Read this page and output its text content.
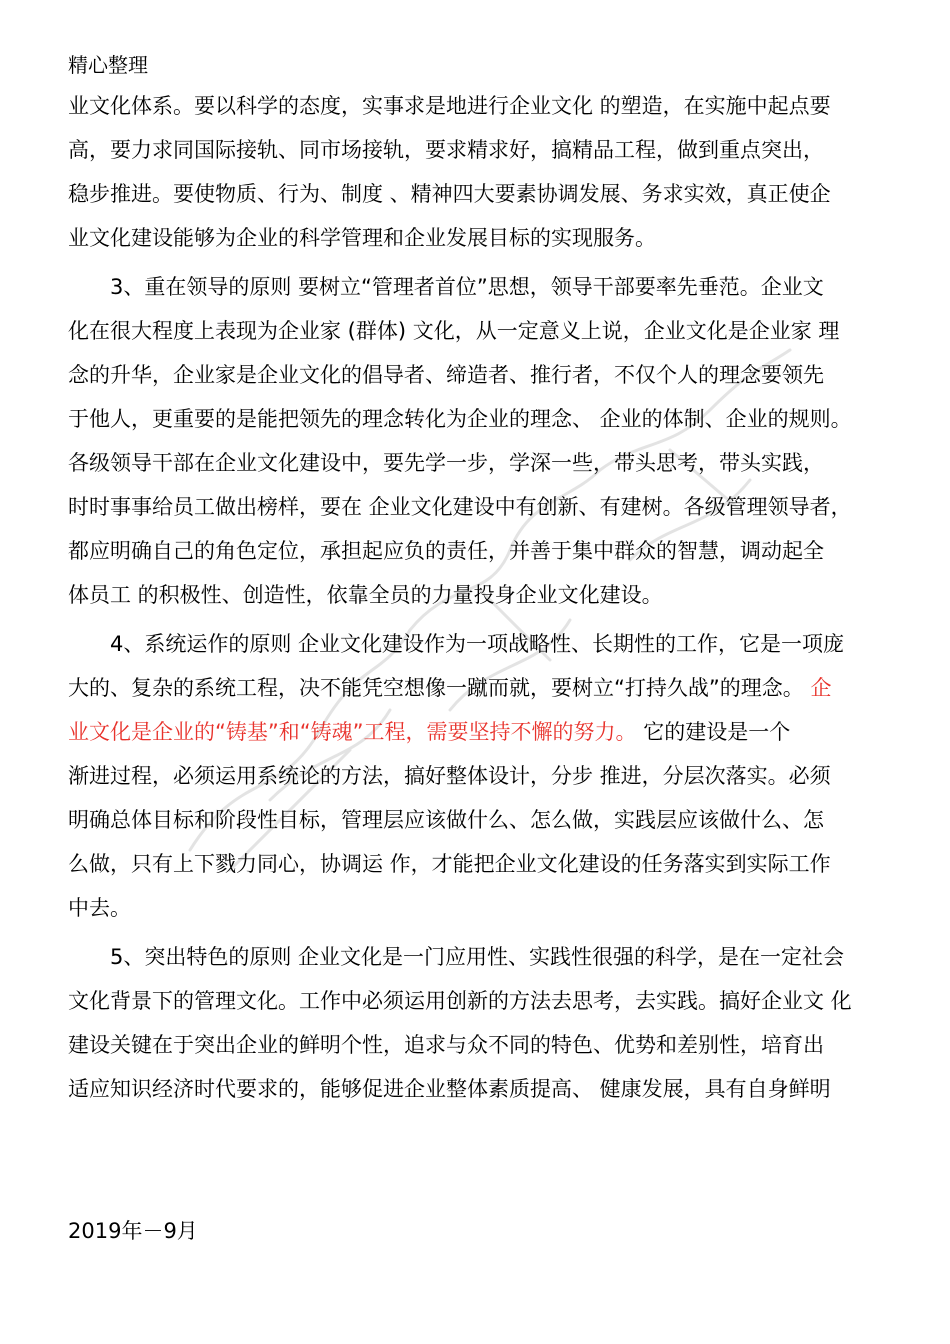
精心整理
业文化体系。要以科学的态度，实事求是地进行企业文化 的塑造，在实施中起点要
高，要力求同国际接轨、同市场接轨，要求精求好，搞精品工程，做到重点突出，
稳步推进。要使物质、行为、制度 、精神四大要素协调发展、务求实效，真正使企
业文化建设能够为企业的科学管理和企业发展目标的实现服务。
3、重在领导的原则 要树立“管理者首位”思想，领导干部要率先垂范。企业文
化在很大程度上表现为企业家 (群体) 文化，从一定意义上说，企业文化是企业家 理
念的升华，企业家是企业文化的倡导者、缔造者、推行者，不仅个人的理念要领先
于他人，更重要的是能把领先的理念转化为企业的理念、 企业的体制、企业的规则。
各级领导干部在企业文化建设中，要先学一步，学深一些，带头思考，带头实践，
时时事事给员工做出榜样，要在 企业文化建设中有创新、有建树。各级管理领导者，
都应明确自己的角色定位，承担起应负的责任，并善于集中群众的智慧，调动起全
体员工 的积极性、创造性，依靠全员的力量投身企业文化建设。
4、系统运作的原则 企业文化建设作为一项战略性、长期性的工作，它是一项庞
大的、复杂的系统工程，决不能凭空想像一蹴而就，要树立“打持久战”的理念。 企
业文化是企业的“铸基”和“铸魂”工程，需要坚持不懈的努力。 它的建设是一个
渐进过程，必须运用系统论的方法，搞好整体设计，分步 推进，分层次落实。必须
明确总体目标和阶段性目标，管理层应该做什么、怎么做，实践层应该做什么、怎
么做，只有上下戮力同心，协调运 作，才能把企业文化建设的任务落实到实际工作
中去。
5、突出特色的原则 企业文化是一门应用性、实践性很强的科学，是在一定社会
文化背景下的管理文化。工作中必须运用创新的方法去思考，去实践。搞好企业文 化
建设关键在于突出企业的鲜明个性，追求与众不同的特色、优势和差别性，培育出
适应知识经济时代要求的，能够促进企业整体素质提高、 健康发展，具有自身鲜明
2019年－9月
